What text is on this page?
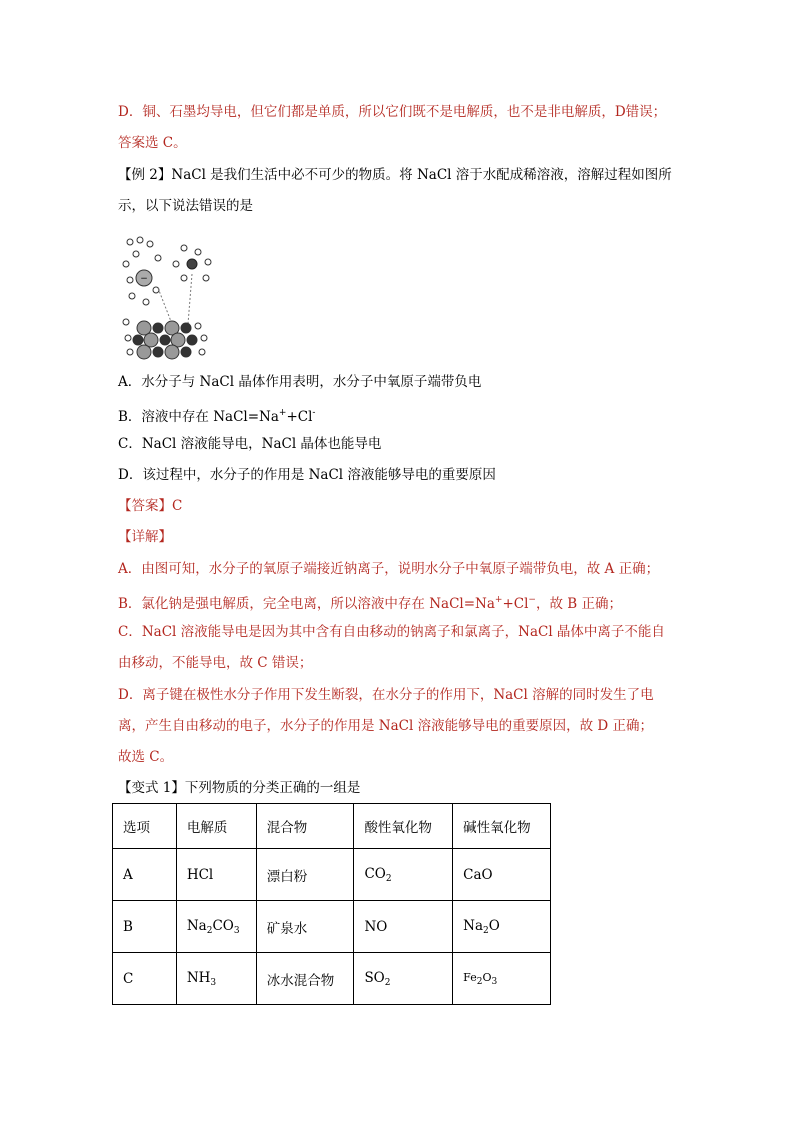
D．铜、石墨均导电，但它们都是单质，所以它们既不是电解质，也不是非电解质，D错误；
答案选 C。
【例 2】NaCl 是我们生活中必不可少的物质。将 NaCl 溶于水配成稀溶液，溶解过程如图所
示，以下说法错误的是
−
A．水分子与 NaCl 晶体作用表明，水分子中氧原子端带负电
B．溶液中存在 NaCl=Na++Cl-
C．NaCl 溶液能导电，NaCl 晶体也能导电
D．该过程中，水分子的作用是 NaCl 溶液能够导电的重要原因
【答案】C
【详解】
A．由图可知，水分子的氧原子端接近钠离子，说明水分子中氧原子端带负电，故 A 正确；
B．氯化钠是强电解质，完全电离，所以溶液中存在 NaCl=Na++Cl−，故 B 正确；
C．NaCl 溶液能导电是因为其中含有自由移动的钠离子和氯离子，NaCl 晶体中离子不能自
由移动，不能导电，故 C 错误；
D．离子键在极性水分子作用下发生断裂，在水分子的作用下，NaCl 溶解的同时发生了电
离，产生自由移动的电子，水分子的作用是 NaCl 溶液能够导电的重要原因，故 D 正确；
故选 C。
【变式 1】下列物质的分类正确的一组是
选项	电解质	混合物	酸性氧化物	碱性氧化物
A	HCl	漂白粉	$CO_2$	CaO
B	$Na_2CO_3$	矿泉水	NO	$Na_2O$
C	$NH_3$	冰水混合物	$SO_2$	$Fe_2O_3$
